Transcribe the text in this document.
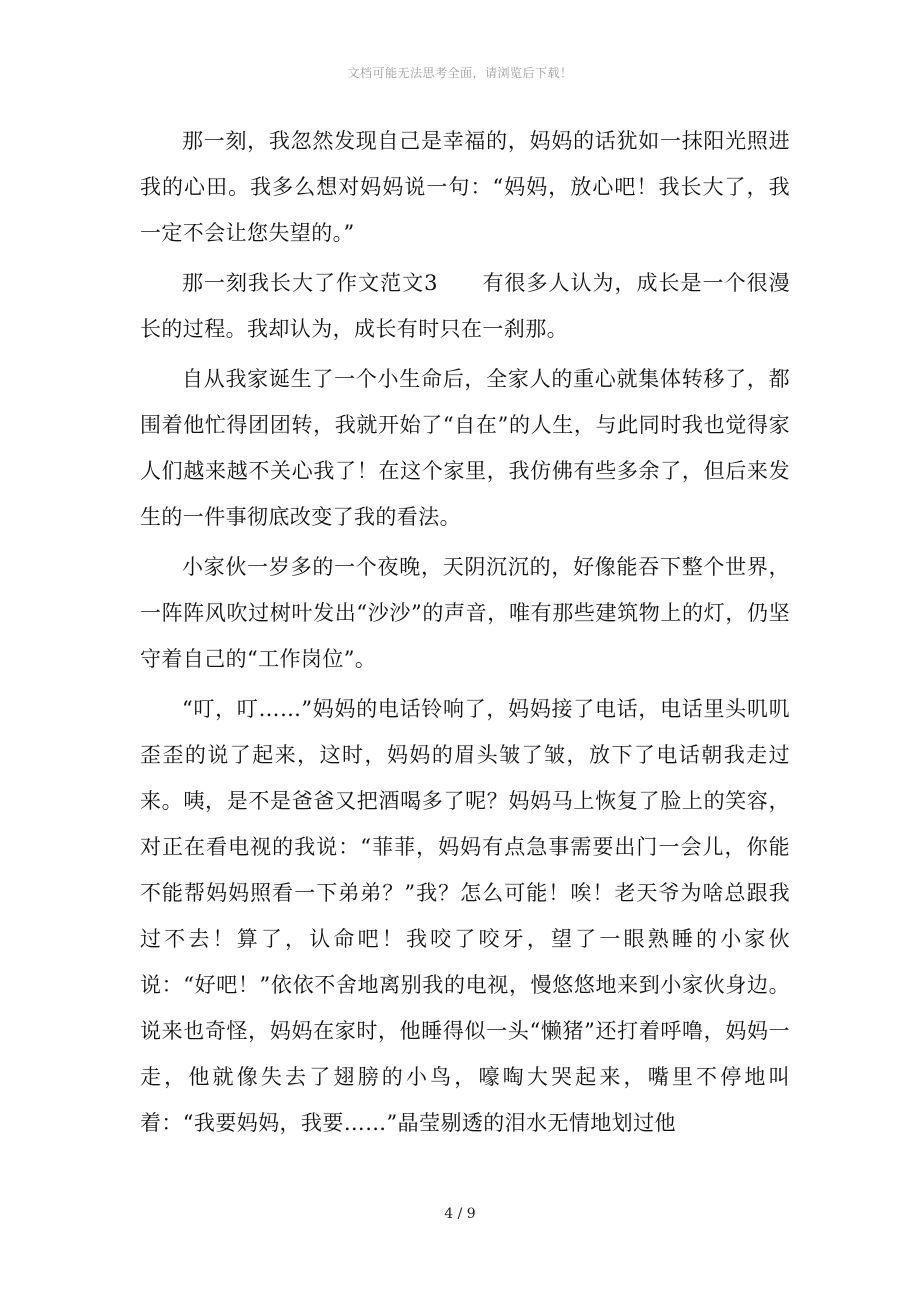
文档可能无法思考全面，请浏览后下载！

那一刻，我忽然发现自己是幸福的，妈妈的话犹如一抹阳光照进我的心田。我多么想对妈妈说一句：“妈妈，放心吧！我长大了，我一定不会让您失望的。”

那一刻我长大了作文范文3 有很多人认为，成长是一个很漫长的过程。我却认为，成长有时只在一刹那。

自从我家诞生了一个小生命后，全家人的重心就集体转移了，都围着他忙得团团转，我就开始了“自在”的人生，与此同时我也觉得家人们越来越不关心我了！在这个家里，我仿佛有些多余了，但后来发生的一件事彻底改变了我的看法。

小家伙一岁多的一个夜晚，天阴沉沉的，好像能吞下整个世界，一阵阵风吹过树叶发出“沙沙”的声音，唯有那些建筑物上的灯，仍坚守着自己的“工作岗位”。

“叮，叮……”妈妈的电话铃响了，妈妈接了电话，电话里头叽叽歪歪的说了起来，这时，妈妈的眉头皱了皱，放下了电话朝我走过来。咦，是不是爸爸又把酒喝多了呢？妈妈马上恢复了脸上的笑容，对正在看电视的我说：“菲菲，妈妈有点急事需要出门一会儿，你能不能帮妈妈照看一下弟弟？”我？怎么可能！唉！老天爷为啥总跟我过不去！算了，认命吧！我咬了咬牙，望了一眼熟睡的小家伙说：“好吧！”依依不舍地离别我的电视，慢悠悠地来到小家伙身边。说来也奇怪，妈妈在家时，他睡得似一头“懒猪”还打着呼噜，妈妈一走，他就像失去了翅膀的小鸟，嚎啕大哭起来，嘴里不停地叫着：“我要妈妈，我要……”晶莹剔透的泪水无情地划过他

4 / 9
